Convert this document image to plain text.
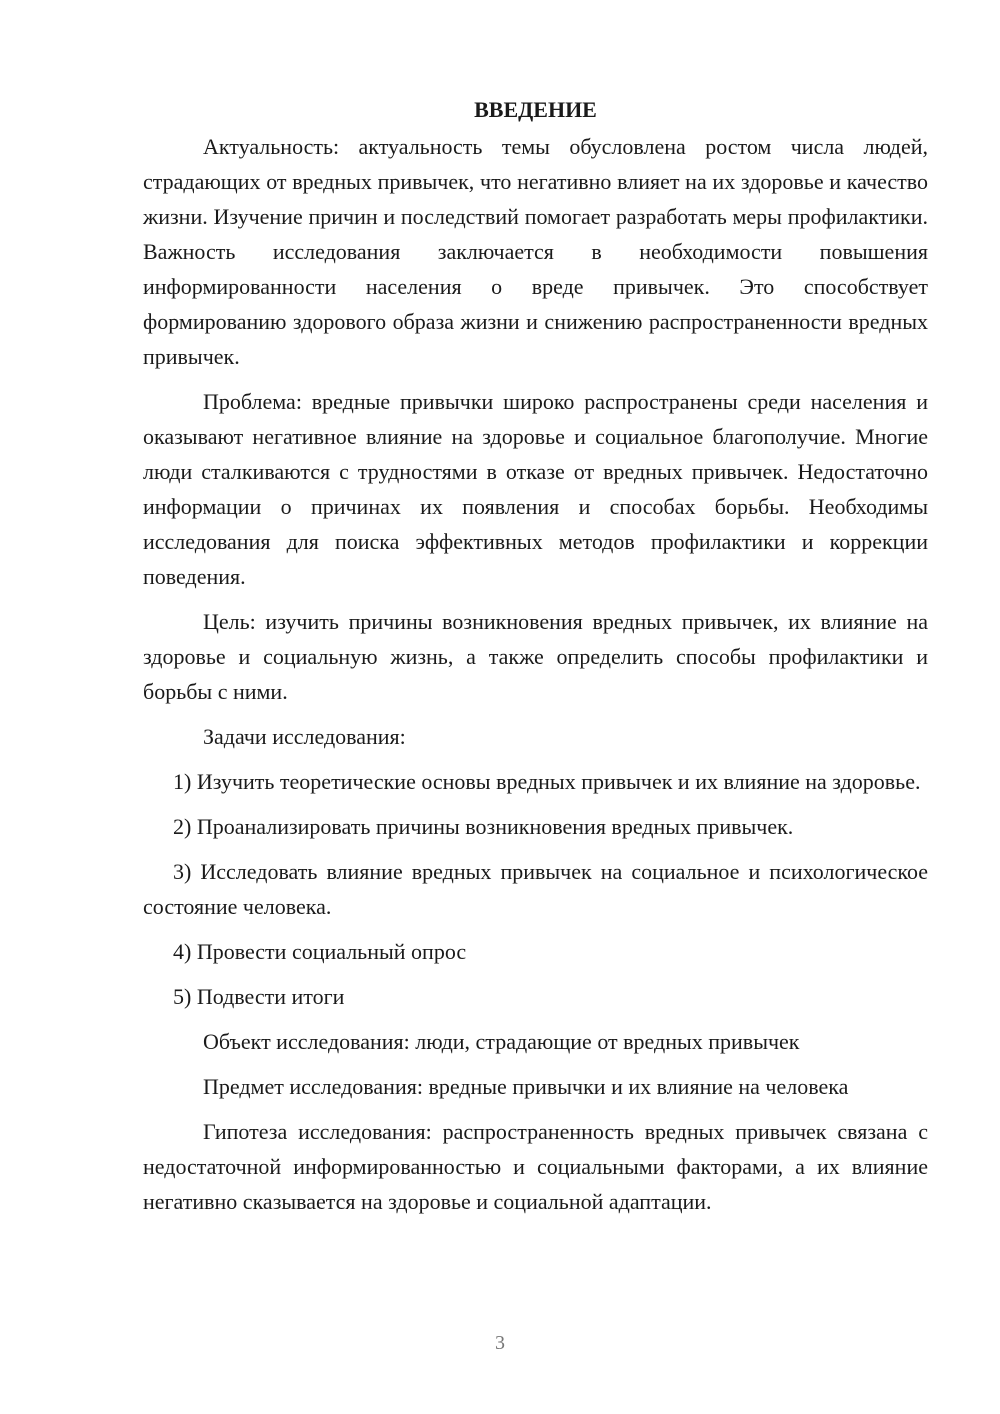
ВВЕДЕНИЕ

Актуальность: актуальность темы обусловлена ростом числа людей, страдающих от вредных привычек, что негативно влияет на их здоровье и качество жизни. Изучение причин и последствий помогает разработать меры профилактики. Важность исследования заключается в необходимости повышения информированности населения о вреде привычек. Это способствует формированию здорового образа жизни и снижению распространенности вредных привычек.

Проблема: вредные привычки широко распространены среди населения и оказывают негативное влияние на здоровье и социальное благополучие. Многие люди сталкиваются с трудностями в отказе от вредных привычек. Недостаточно информации о причинах их появления и способах борьбы. Необходимы исследования для поиска эффективных методов профилактики и коррекции поведения.

Цель: изучить причины возникновения вредных привычек, их влияние на здоровье и социальную жизнь, а также определить способы профилактики и борьбы с ними.

Задачи исследования:

1) Изучить теоретические основы вредных привычек и их влияние на здоровье.

2) Проанализировать причины возникновения вредных привычек.

3) Исследовать влияние вредных привычек на социальное и психологическое состояние человека.

4) Провести социальный опрос

5) Подвести итоги

Объект исследования: люди, страдающие от вредных привычек

Предмет исследования: вредные привычки и их влияние на человека

Гипотеза исследования: распространенность вредных привычек связана с недостаточной информированностью и социальными факторами, а их влияние негативно сказывается на здоровье и социальной адаптации.

3
